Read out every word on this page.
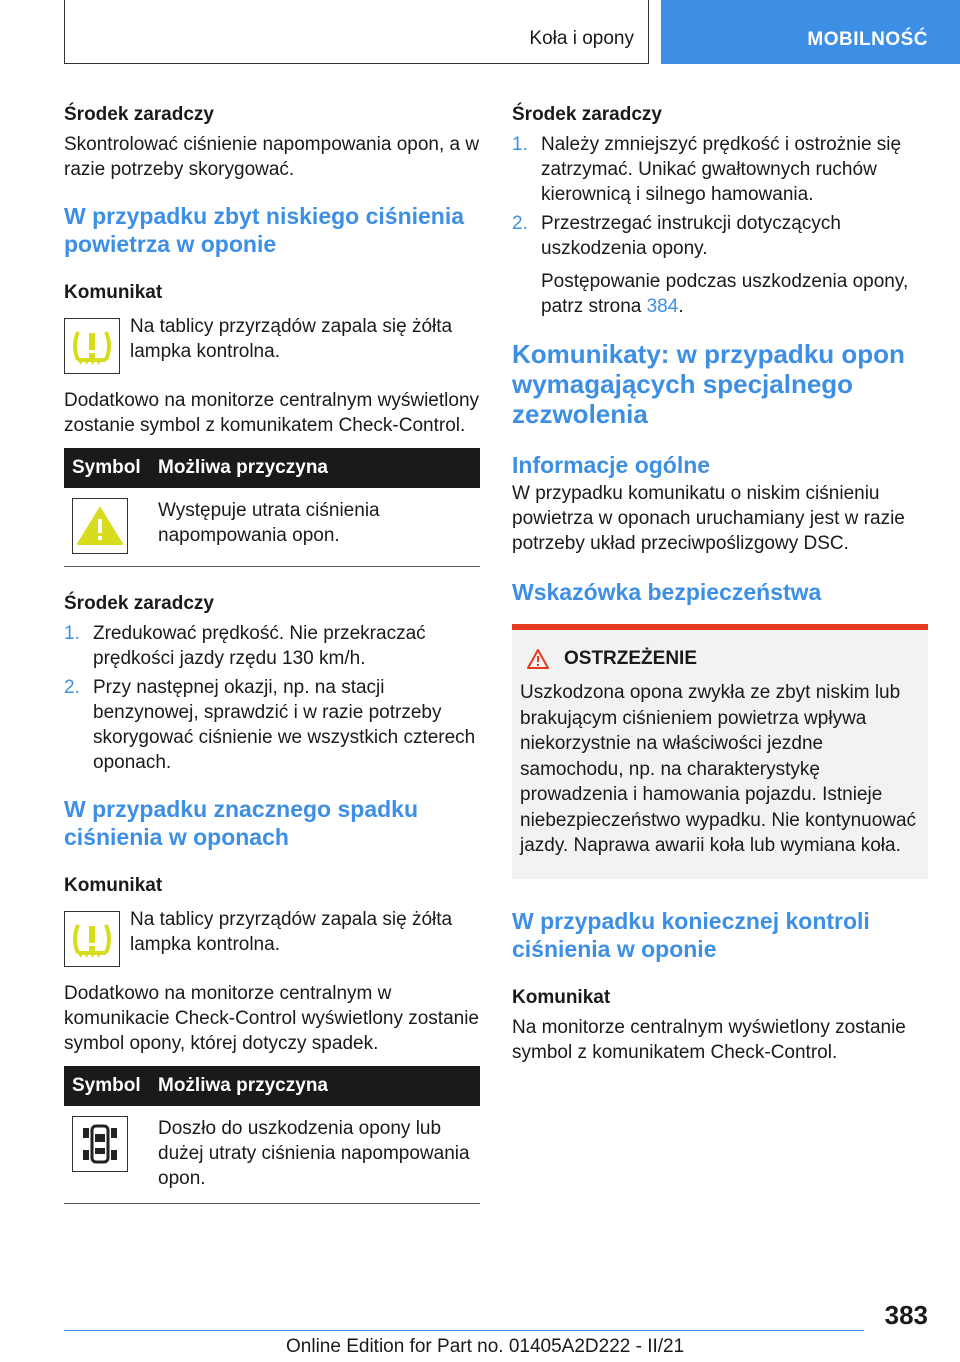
Koła i opony	MOBILNOŚĆ
Środek zaradczy
Skontrolować ciśnienie napompowania opon, a w razie potrzeby skorygować.
W przypadku zbyt niskiego ciśnienia powietrza w oponie
Komunikat
Na tablicy przyrządów zapala się żółta lampka kontrolna.
Dodatkowo na monitorze centralnym wyświetlony zostanie symbol z komunikatem Check-Control.
Symbol Możliwa przyczyna
Występuje utrata ciśnienia napompowania opon.
Środek zaradczy
1. Zredukować prędkość. Nie przekraczać prędkości jazdy rzędu 130 km/h.
2. Przy następnej okazji, np. na stacji benzynowej, sprawdzić i w razie potrzeby skorygować ciśnienie we wszystkich czterech oponach.
W przypadku znacznego spadku ciśnienia w oponach
Komunikat
Na tablicy przyrządów zapala się żółta lampka kontrolna.
Dodatkowo na monitorze centralnym w komunikacie Check-Control wyświetlony zostanie symbol opony, której dotyczy spadek.
Symbol Możliwa przyczyna
Doszło do uszkodzenia opony lub dużej utraty ciśnienia napompowania opon.
Środek zaradczy
1. Należy zmniejszyć prędkość i ostrożnie się zatrzymać. Unikać gwałtownych ruchów kierownicą i silnego hamowania.
2. Przestrzegać instrukcji dotyczących uszkodzenia opony.
Postępowanie podczas uszkodzenia opony, patrz strona 384.
Komunikaty: w przypadku opon wymagających specjalnego zezwolenia
Informacje ogólne
W przypadku komunikatu o niskim ciśnieniu powietrza w oponach uruchamiany jest w razie potrzeby układ przeciwpoślizgowy DSC.
Wskazówka bezpieczeństwa
OSTRZEŻENIE
Uszkodzona opona zwykła ze zbyt niskim lub brakującym ciśnieniem powietrza wpływa niekorzystnie na właściwości jezdne samochodu, np. na charakterystykę prowadzenia i hamowania pojazdu. Istnieje niebezpieczeństwo wypadku. Nie kontynuować jazdy. Naprawa awarii koła lub wymiana koła.
W przypadku koniecznej kontroli ciśnienia w oponie
Komunikat
Na monitorze centralnym wyświetlony zostanie symbol z komunikatem Check-Control.
383
Online Edition for Part no. 01405A2D222 - II/21
